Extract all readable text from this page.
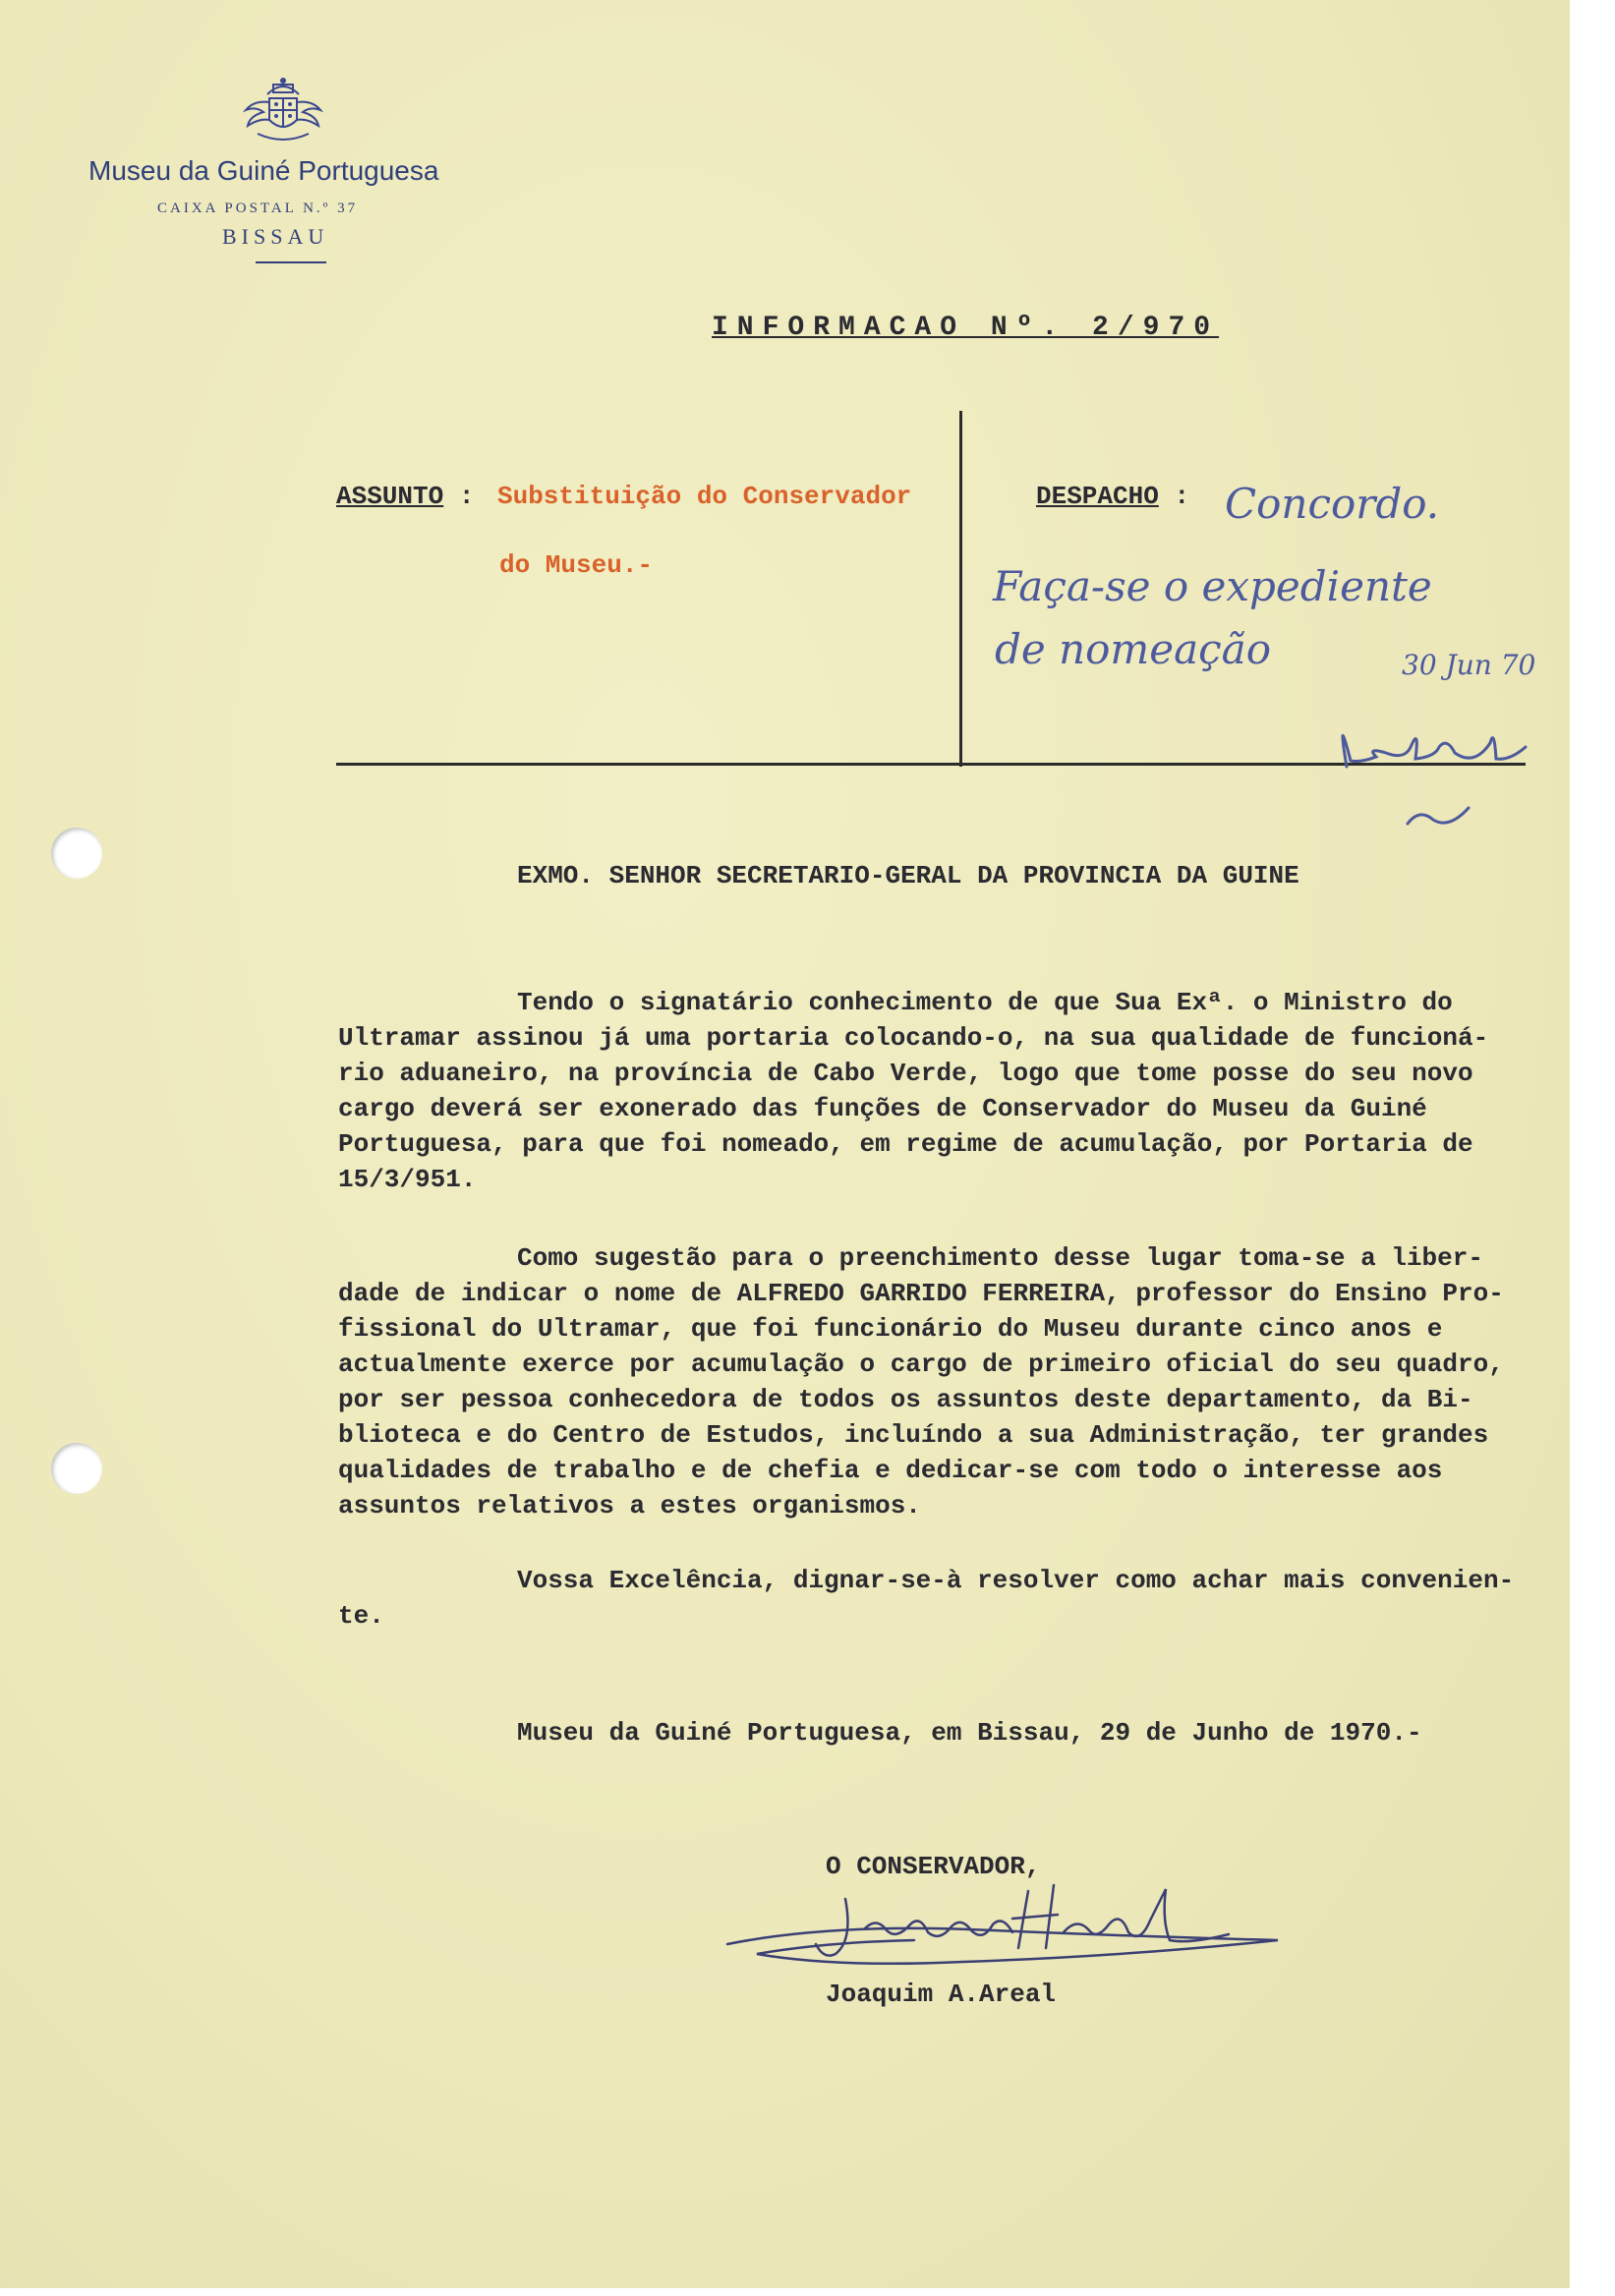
Museu da Guiné Portuguesa
CAIXA POSTAL N.º 37
BISSAU
INFORMACAO Nº. 2/970
ASSUNTO : Substituição do Conservador
do Museu.-
DESPACHO : Concordo.
Faça-se o expediente
de nomeação	30 Jun 70
EXMO. SENHOR SECRETARIO-GERAL DA PROVINCIA DA GUINE
Tendo o signatário conhecimento de que Sua Exª. o Ministro do
Ultramar assinou já uma portaria colocando-o, na sua qualidade de funcioná-
rio aduaneiro, na província de Cabo Verde, logo que tome posse do seu novo
cargo deverá ser exonerado das funções de Conservador do Museu da Guiné
Portuguesa, para que foi nomeado, em regime de acumulação, por Portaria de
15/3/951.
Como sugestão para o preenchimento desse lugar toma-se a liber-
dade de indicar o nome de ALFREDO GARRIDO FERREIRA, professor do Ensino Pro-
fissional do Ultramar, que foi funcionário do Museu durante cinco anos e
actualmente exerce por acumulação o cargo de primeiro oficial do seu quadro,
por ser pessoa conhecedora de todos os assuntos deste departamento, da Bi-
blioteca e do Centro de Estudos, incluíndo a sua Administração, ter grandes
qualidades de trabalho e de chefia e dedicar-se com todo o interesse aos
assuntos relativos a estes organismos.
Vossa Excelência, dignar-se-à resolver como achar mais convenien-
te.
Museu da Guiné Portuguesa, em Bissau, 29 de Junho de 1970.-
O CONSERVADOR,
Joaquim A.Areal
